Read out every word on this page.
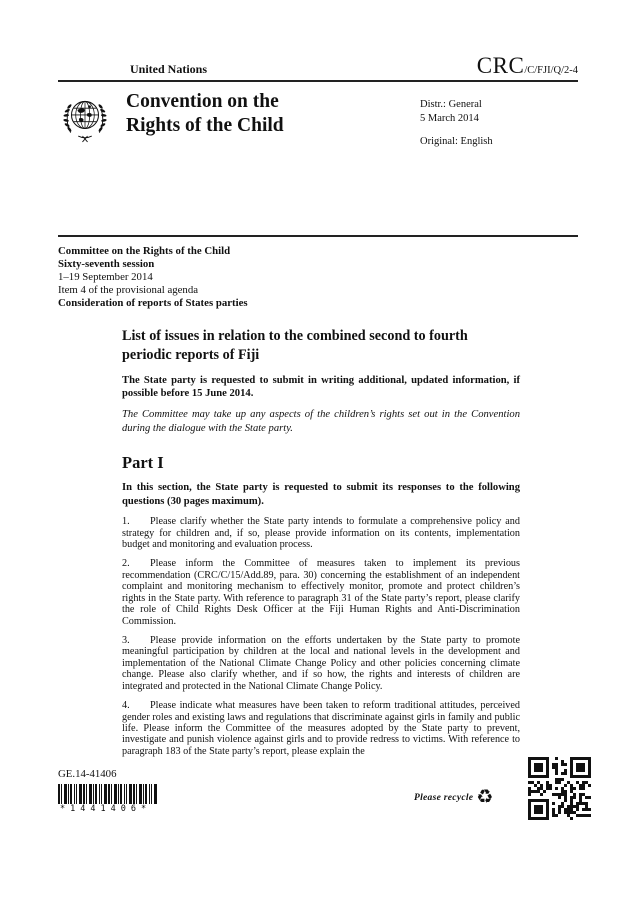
United Nations	CRC/C/FJI/Q/2-4
Convention on the
Rights of the Child
Distr.: General
5 March 2014
Original: English
Committee on the Rights of the Child
Sixty-seventh session
1–19 September 2014
Item 4 of the provisional agenda
Consideration of reports of States parties
List of issues in relation to the combined second to fourth periodic reports of Fiji
The State party is requested to submit in writing additional, updated information, if possible before 15 June 2014.
The Committee may take up any aspects of the children’s rights set out in the Convention during the dialogue with the State party.
Part I
In this section, the State party is requested to submit its responses to the following questions (30 pages maximum).
1. Please clarify whether the State party intends to formulate a comprehensive policy and strategy for children and, if so, please provide information on its contents, implementation budget and monitoring and evaluation process.
2. Please inform the Committee of measures taken to implement its previous recommendation (CRC/C/15/Add.89, para. 30) concerning the establishment of an independent complaint and monitoring mechanism to effectively monitor, promote and protect children’s rights in the State party. With reference to paragraph 31 of the State party’s report, please clarify the role of Child Rights Desk Officer at the Fiji Human Rights and Anti-Discrimination Commission.
3. Please provide information on the efforts undertaken by the State party to promote meaningful participation by children at the local and national levels in the development and implementation of the National Climate Change Policy and other policies concerning climate change. Please also clarify whether, and if so how, the rights and interests of children are integrated and protected in the National Climate Change Policy.
4. Please indicate what measures have been taken to reform traditional attitudes, perceived gender roles and existing laws and regulations that discriminate against girls in family and public life. Please inform the Committee of the measures adopted by the State party to prevent, investigate and punish violence against girls and to provide redress to victims. With reference to paragraph 183 of the State party’s report, please explain the
GE.14-41406
*1441406*
Please recycle ♻
